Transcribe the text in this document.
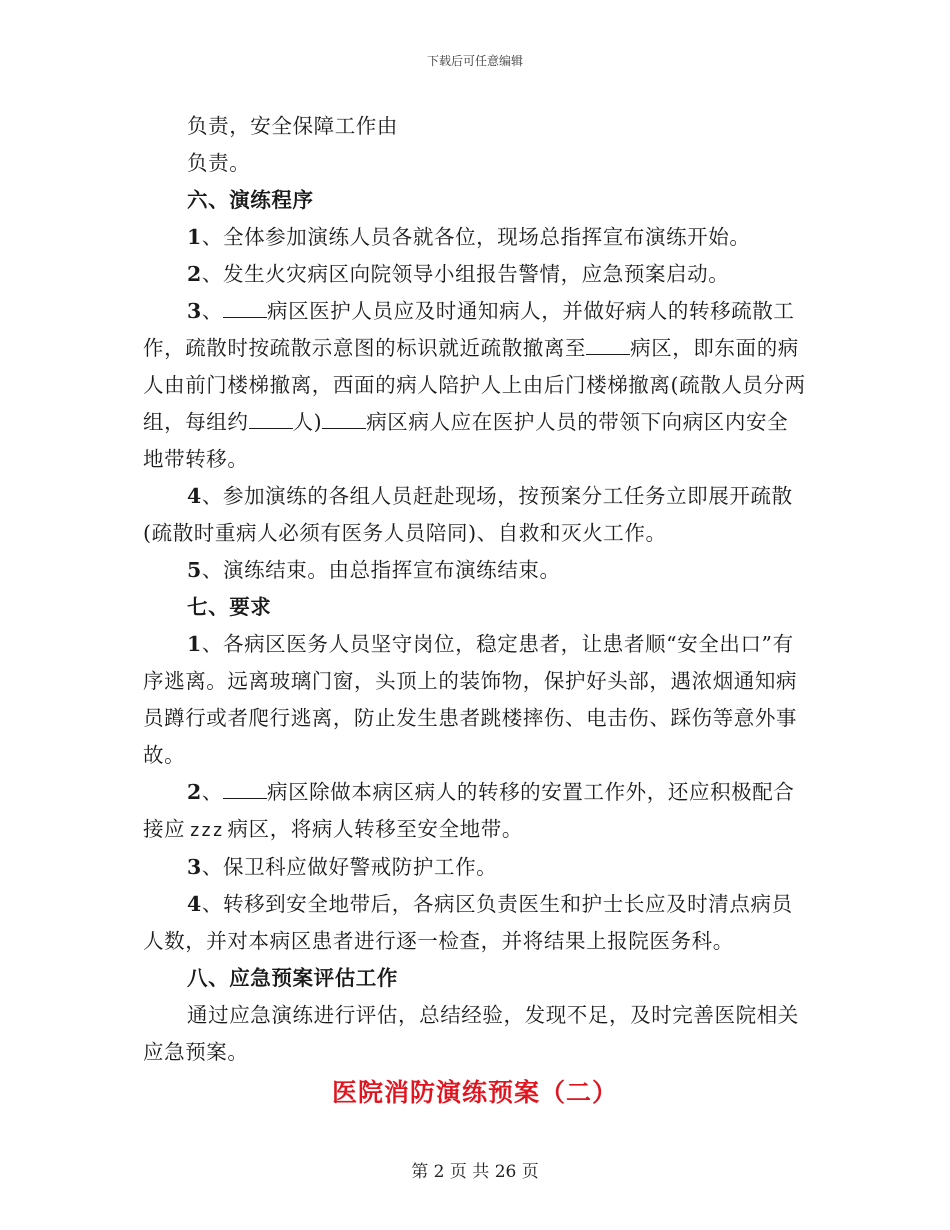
下载后可任意编辑

负责，安全保障工作由

负责。

六、演练程序

1、全体参加演练人员各就各位，现场总指挥宣布演练开始。

2、发生火灾病区向院领导小组报告警情，应急预案启动。

3、 病区医护人员应及时通知病人，并做好病人的转移疏散工作，疏散时按疏散示意图的标识就近疏散撤离至 病区，即东面的病人由前门楼梯撤离，西面的病人陪护人上由后门楼梯撤离(疏散人员分两组，每组约 人) 病区病人应在医护人员的带领下向病区内安全地带转移。

4、参加演练的各组人员赶赴现场，按预案分工任务立即展开疏散(疏散时重病人必须有医务人员陪同)、自救和灭火工作。

5、演练结束。由总指挥宣布演练结束。

七、要求

1、各病区医务人员坚守岗位，稳定患者，让患者顺“安全出口”有序逃离。远离玻璃门窗，头顶上的装饰物，保护好头部，遇浓烟通知病员蹲行或者爬行逃离，防止发生患者跳楼摔伤、电击伤、踩伤等意外事故。

2、 病区除做本病区病人的转移的安置工作外，还应积极配合接应 zzz 病区，将病人转移至安全地带。

3、保卫科应做好警戒防护工作。

4、转移到安全地带后，各病区负责医生和护士长应及时清点病员人数，并对本病区患者进行逐一检查，并将结果上报院医务科。

八、应急预案评估工作

通过应急演练进行评估，总结经验，发现不足，及时完善医院相关应急预案。

医院消防演练预案（二）
第 2 页 共 26 页
